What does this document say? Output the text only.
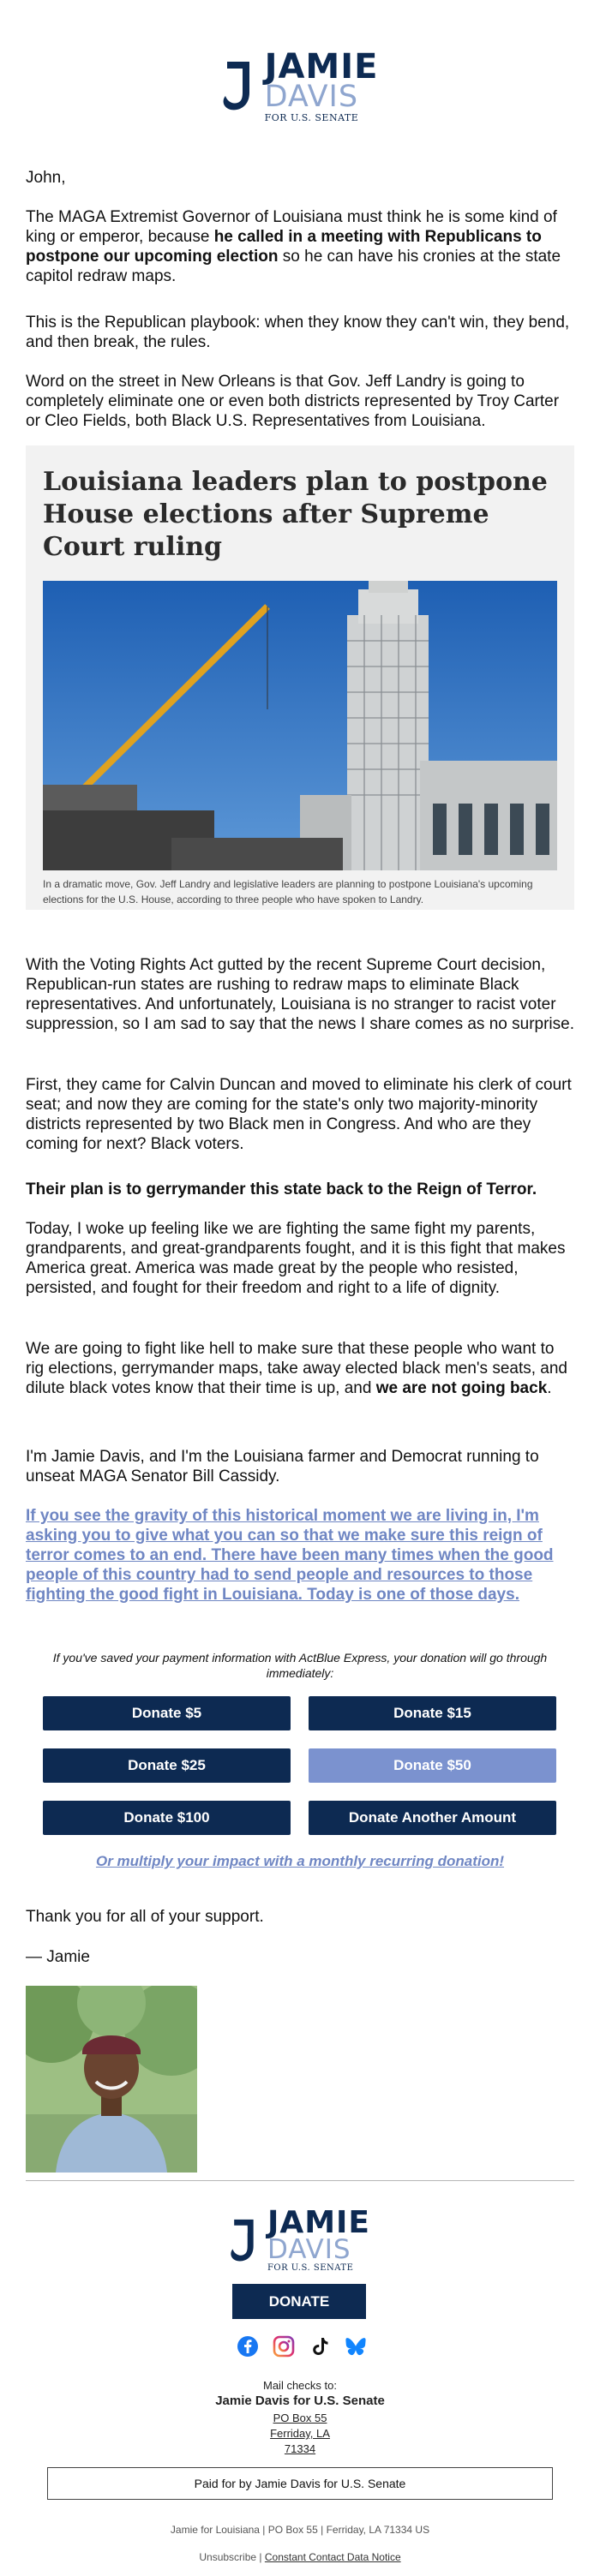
JAMIE
DAVIS
FOR U.S. SENATE

John,

The MAGA Extremist Governor of Louisiana must think he is some kind of king or emperor, because he called in a meeting with Republicans to postpone our upcoming election so he can have his cronies at the state capitol redraw maps.

This is the Republican playbook: when they know they can't win, they bend, and then break, the rules.

Word on the street in New Orleans is that Gov. Jeff Landry is going to completely eliminate one or even both districts represented by Troy Carter or Cleo Fields, both Black U.S. Representatives from Louisiana.

Louisiana leaders plan to postpone House elections after Supreme Court ruling

In a dramatic move, Gov. Jeff Landry and legislative leaders are planning to postpone Louisiana's upcoming elections for the U.S. House, according to three people who have spoken to Landry.

With the Voting Rights Act gutted by the recent Supreme Court decision, Republican-run states are rushing to redraw maps to eliminate Black representatives. And unfortunately, Louisiana is no stranger to racist voter suppression, so I am sad to say that the news I share comes as no surprise.

First, they came for Calvin Duncan and moved to eliminate his clerk of court seat; and now they are coming for the state's only two majority-minority districts represented by two Black men in Congress. And who are they coming for next? Black voters.

Their plan is to gerrymander this state back to the Reign of Terror.

Today, I woke up feeling like we are fighting the same fight my parents, grandparents, and great-grandparents fought, and it is this fight that makes America great. America was made great by the people who resisted, persisted, and fought for their freedom and right to a life of dignity.

We are going to fight like hell to make sure that these people who want to rig elections, gerrymander maps, take away elected black men's seats, and dilute black votes know that their time is up, and we are not going back.

I'm Jamie Davis, and I'm the Louisiana farmer and Democrat running to unseat MAGA Senator Bill Cassidy.

If you see the gravity of this historical moment we are living in, I'm asking you to give what you can so that we make sure this reign of terror comes to an end. There have been many times when the good people of this country had to send people and resources to those fighting the good fight in Louisiana. Today is one of those days.

If you've saved your payment information with ActBlue Express, your donation will go through immediately:
Donate $5	Donate $15
Donate $25	Donate $50
Donate $100	Donate Another Amount
Or multiply your impact with a monthly recurring donation!

Thank you for all of your support.

— Jamie

JAMIE
DAVIS
FOR U.S. SENATE
DONATE
Mail checks to:
Jamie Davis for U.S. Senate
PO Box 55
Ferriday, LA
71334
Paid for by Jamie Davis for U.S. Senate
Jamie for Louisiana | PO Box 55 | Ferriday, LA 71334 US
Unsubscribe | Constant Contact Data Notice
